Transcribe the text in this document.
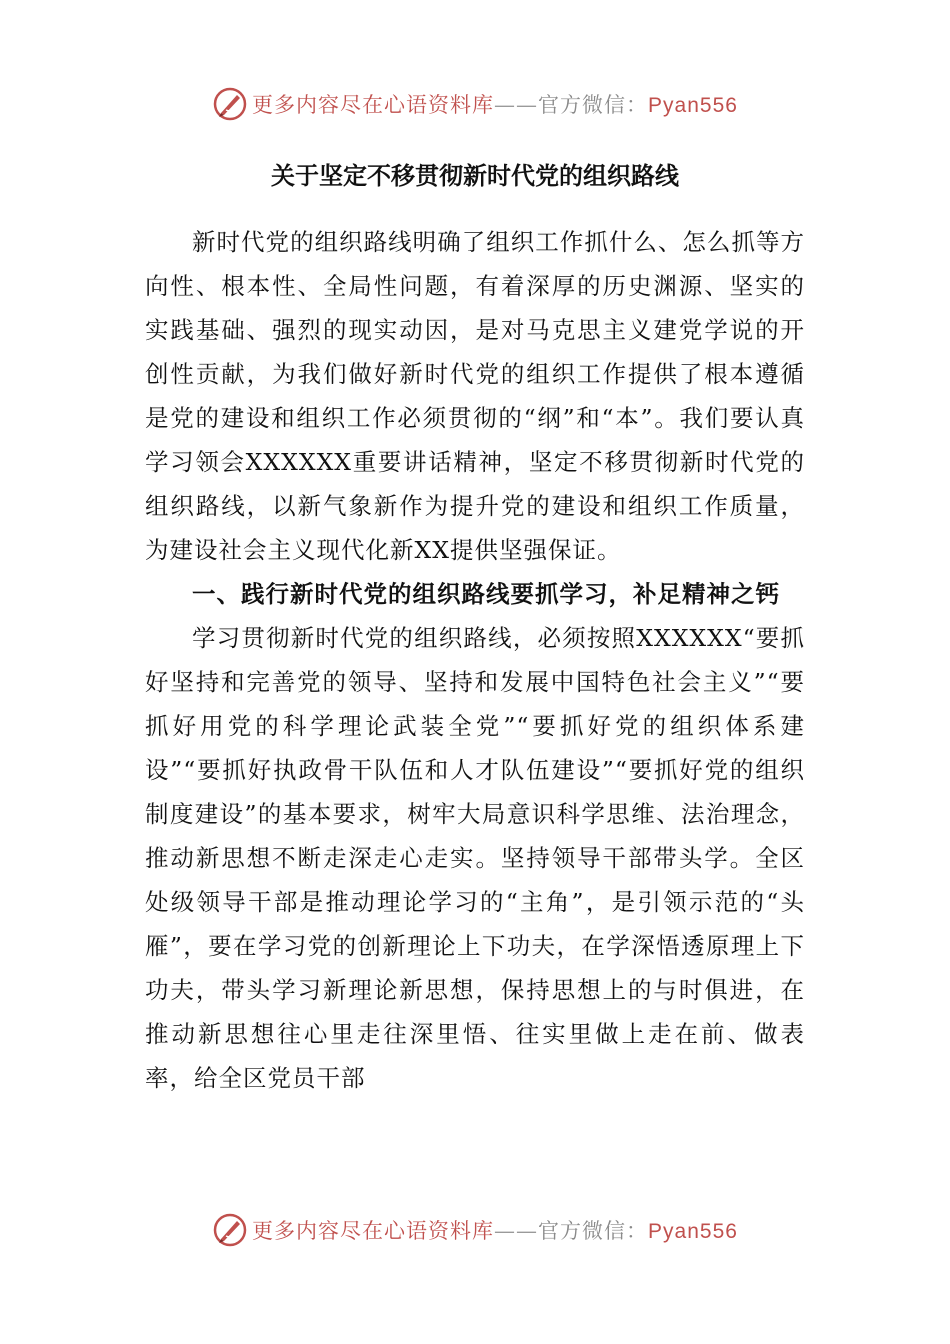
更多内容尽在心语资料库——官方微信：Pyan556
关于坚定不移贯彻新时代党的组织路线

新时代党的组织路线明确了组织工作抓什么、怎么抓等方向性、根本性、全局性问题，有着深厚的历史渊源、坚实的实践基础、强烈的现实动因，是对马克思主义建党学说的开创性贡献，为我们做好新时代党的组织工作提供了根本遵循是党的建设和组织工作必须贯彻的“纲”和“本”。我们要认真学习领会XXXXXX重要讲话精神，坚定不移贯彻新时代党的组织路线，以新气象新作为提升党的建设和组织工作质量，为建设社会主义现代化新XX提供坚强保证。

一、践行新时代党的组织路线要抓学习，补足精神之钙

学习贯彻新时代党的组织路线，必须按照XXXXXX“要抓好坚持和完善党的领导、坚持和发展中国特色社会主义”“要抓好用党的科学理论武装全党”“要抓好党的组织体系建设”“要抓好执政骨干队伍和人才队伍建设”“要抓好党的组织制度建设”的基本要求，树牢大局意识科学思维、法治理念，推动新思想不断走深走心走实。坚持领导干部带头学。全区处级领导干部是推动理论学习的“主角”，是引领示范的“头雁”，要在学习党的创新理论上下功夫，在学深悟透原理上下功夫，带头学习新理论新思想，保持思想上的与时俱进，在推动新思想往心里走往深里悟、往实里做上走在前、做表率，给全区党员干部

更多内容尽在心语资料库——官方微信：Pyan556
